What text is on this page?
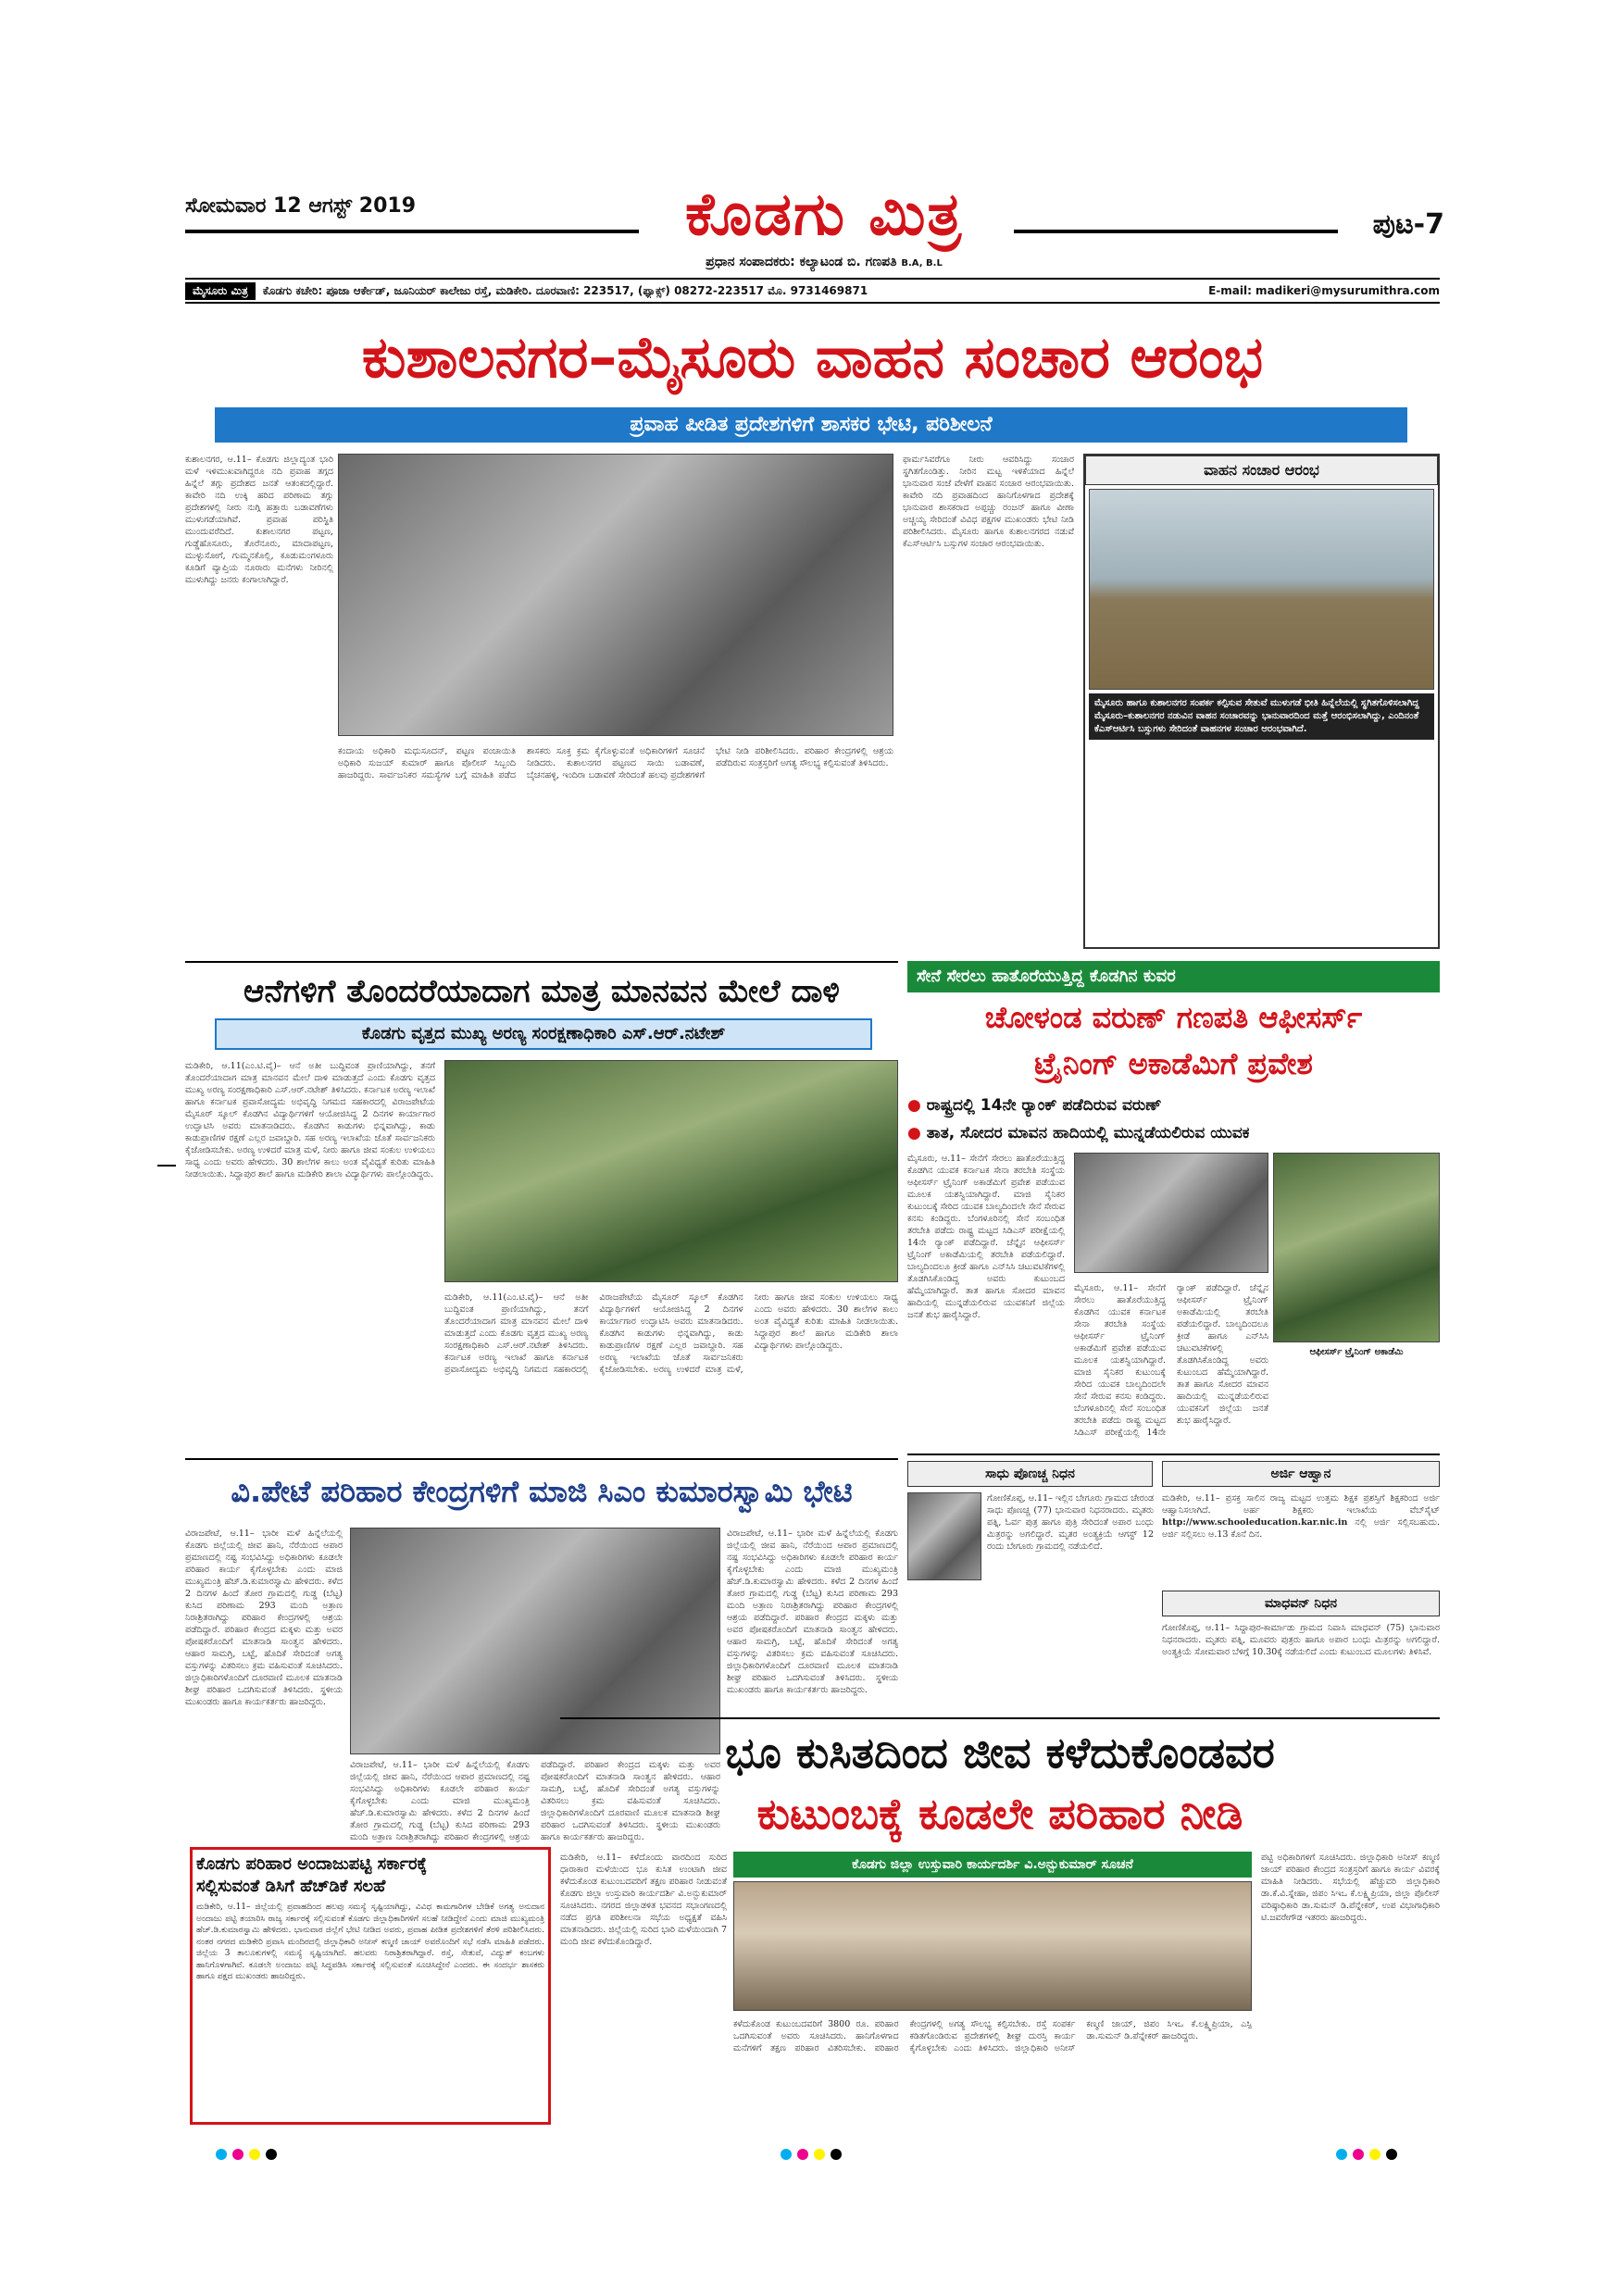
ಸೋಮವಾರ 12 ಆಗಸ್ಟ್ 2019	ಕೊಡಗು ಮಿತ್ರ
ಪ್ರಧಾನ ಸಂಪಾದಕರು: ಕಲ್ಯಾಟಂಡ ಬಿ. ಗಣಪತಿ B.A, B.L
ಪುಟ-7
ಮೈಸೂರು ಮಿತ್ರ	ಕೊಡಗು ಕಚೇರಿ: ಪೂಜಾ ಆರ್ಕೇಡ್, ಜೂನಿಯರ್ ಕಾಲೇಜು ರಸ್ತೆ, ಮಡಿಕೇರಿ. ದೂರವಾಣಿ: 223517, (ಫ್ಯಾಕ್ಸ್) 08272-223517 ಮೊ. 9731469871	E-mail: madikeri@mysurumithra.com
ಕುಶಾಲನಗರ–ಮೈಸೂರು ವಾಹನ ಸಂಚಾರ ಆರಂಭ
ಪ್ರವಾಹ ಪೀಡಿತ ಪ್ರದೇಶಗಳಿಗೆ ಶಾಸಕರ ಭೇಟಿ, ಪರಿಶೀಲನೆ
ಕುಶಾಲನಗರ, ಆ.11– ಕೊಡಗು ಜಿಲ್ಲಾದ್ಯಂತ ಭಾರಿ ಮಳೆ ಇಳಿಮುಖವಾಗಿದ್ದರೂ ನದಿ ಪ್ರವಾಹ ತಗ್ಗದ ಹಿನ್ನೆಲೆ ತಗ್ಗು ಪ್ರದೇಶದ ಜನತೆ ಆತಂಕದಲ್ಲಿದ್ದಾರೆ. ಕಾವೇರಿ ನದಿ ಉಕ್ಕಿ ಹರಿದ ಪರಿಣಾಮ ತಗ್ಗು ಪ್ರದೇಶಗಳಲ್ಲಿ ನೀರು ನುಗ್ಗಿ ಹತ್ತಾರು ಬಡಾವಣೆಗಳು ಮುಳುಗಡೆಯಾಗಿವೆ. ಪ್ರವಾಹ ಪರಿಸ್ಥಿತಿ ಮುಂದುವರೆದಿದೆ. ಕುಶಾಲನಗರ ಪಟ್ಟಣ, ಗುಡ್ಡೆಹೊಸೂರು, ತೊರೆನೂರು, ಮಾದಾಪಟ್ಟಣ, ಮುಳ್ಳುಸೋಗೆ, ಗುಮ್ಮನಕೊಲ್ಲಿ, ಕೂಡುಮಂಗಳೂರು ಕೂಡಿಗೆ ವ್ಯಾಪ್ತಿಯ ನೂರಾರು ಮನೆಗಳು ನೀರಿನಲ್ಲಿ ಮುಳುಗಿದ್ದು ಜನರು ಕಂಗಾಲಾಗಿದ್ದಾರೆ.
ಕಂದಾಯ ಅಧಿಕಾರಿ ಮಧುಸೂದನ್, ಪಟ್ಟಣ ಪಂಚಾಯಿತಿ ಅಧಿಕಾರಿ ಸುಜಯ್ ಕುಮಾರ್ ಹಾಗೂ ಪೊಲೀಸ್ ಸಿಬ್ಬಂದಿ ಹಾಜರಿದ್ದರು. ಸಾರ್ವಜನಿಕರ ಸಮಸ್ಯೆಗಳ ಬಗ್ಗೆ ಮಾಹಿತಿ ಪಡೆದ ಶಾಸಕರು ಸೂಕ್ತ ಕ್ರಮ ಕೈಗೊಳ್ಳುವಂತೆ ಅಧಿಕಾರಿಗಳಿಗೆ ಸೂಚನೆ ನೀಡಿದರು. ಕುಶಾಲನಗರ ಪಟ್ಟಣದ ಸಾಯಿ ಬಡಾವಣೆ, ಬೈಚನಹಳ್ಳಿ, ಇಂದಿರಾ ಬಡಾವಣೆ ಸೇರಿದಂತೆ ಹಲವು ಪ್ರದೇಶಗಳಿಗೆ ಭೇಟಿ ನೀಡಿ ಪರಿಶೀಲಿಸಿದರು. ಪರಿಹಾರ ಕೇಂದ್ರಗಳಲ್ಲಿ ಆಶ್ರಯ ಪಡೆದಿರುವ ಸಂತ್ರಸ್ತರಿಗೆ ಅಗತ್ಯ ಸೌಲಭ್ಯ ಕಲ್ಪಿಸುವಂತೆ ತಿಳಿಸಿದರು.
ಫಾರ್ಮಸಿವರೆಗೂ ನೀರು ಆವರಿಸಿದ್ದು ಸಂಚಾರ ಸ್ಥಗಿತಗೊಂಡಿತ್ತು. ನೀರಿನ ಮಟ್ಟ ಇಳಿಕೆಯಾದ ಹಿನ್ನೆಲೆ ಭಾನುವಾರ ಸಂಜೆ ವೇಳೆಗೆ ವಾಹನ ಸಂಚಾರ ಆರಂಭವಾಯಿತು. ಕಾವೇರಿ ನದಿ ಪ್ರವಾಹದಿಂದ ಹಾನಿಗೊಳಗಾದ ಪ್ರದೇಶಕ್ಕೆ ಭಾನುವಾರ ಶಾಸಕರಾದ ಅಪ್ಪಚ್ಚು ರಂಜನ್ ಹಾಗೂ ವೀಣಾ ಅಚ್ಚಯ್ಯ ಸೇರಿದಂತೆ ವಿವಿಧ ಪಕ್ಷಗಳ ಮುಖಂಡರು ಭೇಟಿ ನೀಡಿ ಪರಿಶೀಲಿಸಿದರು. ಮೈಸೂರು ಹಾಗೂ ಕುಶಾಲನಗರದ ನಡುವೆ ಕೆಎಸ್ಆರ್ಟಿಸಿ ಬಸ್ಸುಗಳ ಸಂಚಾರ ಆರಂಭವಾಯಿತು.
ವಾಹನ ಸಂಚಾರ ಆರಂಭ
ಮೈಸೂರು ಹಾಗೂ ಕುಶಾಲನಗರ ಸಂಪರ್ಕ ಕಲ್ಪಿಸುವ ಸೇತುವೆ ಮುಳುಗಡೆ ಭೀತಿ ಹಿನ್ನೆಲೆಯಲ್ಲಿ ಸ್ಥಗಿತಗೊಳಿಸಲಾಗಿದ್ದ ಮೈಸೂರು–ಕುಶಾಲನಗರ ನಡುವಿನ ವಾಹನ ಸಂಚಾರವನ್ನು ಭಾನುವಾರದಿಂದ ಮತ್ತೆ ಆರಂಭಿಸಲಾಗಿದ್ದು, ಎಂದಿನಂತೆ ಕೆಎಸ್ಆರ್ಟಿಸಿ ಬಸ್ಸುಗಳು ಸೇರಿದಂತೆ ವಾಹನಗಳ ಸಂಚಾರ ಆರಂಭವಾಗಿದೆ.
ಆನೆಗಳಿಗೆ ತೊಂದರೆಯಾದಾಗ ಮಾತ್ರ ಮಾನವನ ಮೇಲೆ ದಾಳಿ
ಕೊಡಗು ವೃತ್ತದ ಮುಖ್ಯ ಅರಣ್ಯ ಸಂರಕ್ಷಣಾಧಿಕಾರಿ ಎಸ್.ಆರ್.ನಟೇಶ್
ಮಡಿಕೇರಿ, ಆ.11(ಎಂ.ಟಿ.ವೈ)– ಆನೆ ಅತೀ ಬುದ್ಧಿವಂತ ಪ್ರಾಣಿಯಾಗಿದ್ದು, ತನಗೆ ತೊಂದರೆಯಾದಾಗ ಮಾತ್ರ ಮಾನವನ ಮೇಲೆ ದಾಳಿ ಮಾಡುತ್ತದೆ ಎಂದು ಕೊಡಗು ವೃತ್ತದ ಮುಖ್ಯ ಅರಣ್ಯ ಸಂರಕ್ಷಣಾಧಿಕಾರಿ ಎಸ್.ಆರ್.ನಟೇಶ್ ತಿಳಿಸಿದರು. ಕರ್ನಾಟಕ ಅರಣ್ಯ ಇಲಾಖೆ ಹಾಗೂ ಕರ್ನಾಟಕ ಪ್ರವಾಸೋದ್ಯಮ ಅಭಿವೃದ್ಧಿ ನಿಗಮದ ಸಹಕಾರದಲ್ಲಿ ವಿರಾಜಪೇಟೆಯ ಮೈಸೂರ್ ಸ್ಕೂಲ್ ಕೊಡಗಿನ ವಿದ್ಯಾರ್ಥಿಗಳಿಗೆ ಆಯೋಜಿಸಿದ್ದ 2 ದಿನಗಳ ಕಾರ್ಯಾಗಾರ ಉದ್ಘಾಟಿಸಿ ಅವರು ಮಾತನಾಡಿದರು. ಕೊಡಗಿನ ಕಾಡುಗಳು ಭಿನ್ನವಾಗಿದ್ದು, ಕಾಡು ಕಾಡುಪ್ರಾಣಿಗಳ ರಕ್ಷಣೆ ಎಲ್ಲರ ಜವಾಬ್ದಾರಿ. ಸಹ ಅರಣ್ಯ ಇಲಾಖೆಯ ಜೊತೆ ಸಾರ್ವಜನಿಕರು ಕೈಜೋಡಿಸಬೇಕು. ಅರಣ್ಯ ಉಳಿದರೆ ಮಾತ್ರ ಮಳೆ, ನೀರು ಹಾಗೂ ಜೀವ ಸಂಕುಲ ಉಳಿಯಲು ಸಾಧ್ಯ ಎಂದು ಅವರು ಹೇಳಿದರು. 30 ಶಾಲೆಗಳ ಕಾಲು ಅಂತ ವೈವಿಧ್ಯತೆ ಕುರಿತು ಮಾಹಿತಿ ನೀಡಲಾಯಿತು. ಸಿದ್ದಾಪುರ ಶಾಲೆ ಹಾಗೂ ಮಡಿಕೇರಿ ಶಾಲಾ ವಿದ್ಯಾರ್ಥಿಗಳು ಪಾಲ್ಗೊಂಡಿದ್ದರು.
ಮಡಿಕೇರಿ, ಆ.11(ಎಂ.ಟಿ.ವೈ)– ಆನೆ ಅತೀ ಬುದ್ಧಿವಂತ ಪ್ರಾಣಿಯಾಗಿದ್ದು, ತನಗೆ ತೊಂದರೆಯಾದಾಗ ಮಾತ್ರ ಮಾನವನ ಮೇಲೆ ದಾಳಿ ಮಾಡುತ್ತದೆ ಎಂದು ಕೊಡಗು ವೃತ್ತದ ಮುಖ್ಯ ಅರಣ್ಯ ಸಂರಕ್ಷಣಾಧಿಕಾರಿ ಎಸ್.ಆರ್.ನಟೇಶ್ ತಿಳಿಸಿದರು. ಕರ್ನಾಟಕ ಅರಣ್ಯ ಇಲಾಖೆ ಹಾಗೂ ಕರ್ನಾಟಕ ಪ್ರವಾಸೋದ್ಯಮ ಅಭಿವೃದ್ಧಿ ನಿಗಮದ ಸಹಕಾರದಲ್ಲಿ ವಿರಾಜಪೇಟೆಯ ಮೈಸೂರ್ ಸ್ಕೂಲ್ ಕೊಡಗಿನ ವಿದ್ಯಾರ್ಥಿಗಳಿಗೆ ಆಯೋಜಿಸಿದ್ದ 2 ದಿನಗಳ ಕಾರ್ಯಾಗಾರ ಉದ್ಘಾಟಿಸಿ ಅವರು ಮಾತನಾಡಿದರು. ಕೊಡಗಿನ ಕಾಡುಗಳು ಭಿನ್ನವಾಗಿದ್ದು, ಕಾಡು ಕಾಡುಪ್ರಾಣಿಗಳ ರಕ್ಷಣೆ ಎಲ್ಲರ ಜವಾಬ್ದಾರಿ. ಸಹ ಅರಣ್ಯ ಇಲಾಖೆಯ ಜೊತೆ ಸಾರ್ವಜನಿಕರು ಕೈಜೋಡಿಸಬೇಕು. ಅರಣ್ಯ ಉಳಿದರೆ ಮಾತ್ರ ಮಳೆ, ನೀರು ಹಾಗೂ ಜೀವ ಸಂಕುಲ ಉಳಿಯಲು ಸಾಧ್ಯ ಎಂದು ಅವರು ಹೇಳಿದರು. 30 ಶಾಲೆಗಳ ಕಾಲು ಅಂತ ವೈವಿಧ್ಯತೆ ಕುರಿತು ಮಾಹಿತಿ ನೀಡಲಾಯಿತು. ಸಿದ್ದಾಪುರ ಶಾಲೆ ಹಾಗೂ ಮಡಿಕೇರಿ ಶಾಲಾ ವಿದ್ಯಾರ್ಥಿಗಳು ಪಾಲ್ಗೊಂಡಿದ್ದರು.
ಸೇನೆ ಸೇರಲು ಹಾತೊರೆಯುತ್ತಿದ್ದ ಕೊಡಗಿನ ಕುವರ
ಚೋಳಂಡ ವರುಣ್ ಗಣಪತಿ ಆಫೀಸರ್ಸ್
ಟ್ರೈನಿಂಗ್ ಅಕಾಡೆಮಿಗೆ ಪ್ರವೇಶ
● ರಾಷ್ಟ್ರದಲ್ಲಿ 14ನೇ ರ್‍ಯಾಂಕ್ ಪಡೆದಿರುವ ವರುಣ್
● ತಾತ, ಸೋದರ ಮಾವನ ಹಾದಿಯಲ್ಲಿ ಮುನ್ನಡೆಯಲಿರುವ ಯುವಕ
ಮೈಸೂರು, ಆ.11– ಸೇನೆಗೆ ಸೇರಲು ಹಾತೊರೆಯುತ್ತಿದ್ದ ಕೊಡಗಿನ ಯುವಕ ಕರ್ನಾಟಕ ಸೇನಾ ತರಬೇತಿ ಸಂಸ್ಥೆಯ ಆಫೀಸರ್ಸ್ ಟ್ರೈನಿಂಗ್ ಅಕಾಡೆಮಿಗೆ ಪ್ರವೇಶ ಪಡೆಯುವ ಮೂಲಕ ಯಶಸ್ವಿಯಾಗಿದ್ದಾರೆ. ಮಾಜಿ ಸೈನಿಕರ ಕುಟುಂಬಕ್ಕೆ ಸೇರಿದ ಯುವಕ ಬಾಲ್ಯದಿಂದಲೇ ಸೇನೆ ಸೇರುವ ಕನಸು ಕಂಡಿದ್ದರು. ಬೆಂಗಳೂರಿನಲ್ಲಿ ಸೇನೆ ಸಂಬಂಧಿತ ತರಬೇತಿ ಪಡೆದು ರಾಷ್ಟ್ರ ಮಟ್ಟದ ಸಿಡಿಎಸ್ ಪರೀಕ್ಷೆಯಲ್ಲಿ 14ನೇ ರ್‍ಯಾಂಕ್ ಪಡೆದಿದ್ದಾರೆ. ಚೆನ್ನೈನ ಆಫೀಸರ್ಸ್ ಟ್ರೈನಿಂಗ್ ಅಕಾಡೆಮಿಯಲ್ಲಿ ತರಬೇತಿ ಪಡೆಯಲಿದ್ದಾರೆ. ಬಾಲ್ಯದಿಂದಲೂ ಕ್ರೀಡೆ ಹಾಗೂ ಎನ್‌ಸಿಸಿ ಚಟುವಟಿಕೆಗಳಲ್ಲಿ ತೊಡಗಿಸಿಕೊಂಡಿದ್ದ ಅವರು ಕುಟುಂಬದ ಹೆಮ್ಮೆಯಾಗಿದ್ದಾರೆ. ತಾತ ಹಾಗೂ ಸೋದರ ಮಾವನ ಹಾದಿಯಲ್ಲಿ ಮುನ್ನಡೆಯಲಿರುವ ಯುವಕನಿಗೆ ಜಿಲ್ಲೆಯ ಜನತೆ ಶುಭ ಹಾರೈಸಿದ್ದಾರೆ.
ಮೈಸೂರು, ಆ.11– ಸೇನೆಗೆ ಸೇರಲು ಹಾತೊರೆಯುತ್ತಿದ್ದ ಕೊಡಗಿನ ಯುವಕ ಕರ್ನಾಟಕ ಸೇನಾ ತರಬೇತಿ ಸಂಸ್ಥೆಯ ಆಫೀಸರ್ಸ್ ಟ್ರೈನಿಂಗ್ ಅಕಾಡೆಮಿಗೆ ಪ್ರವೇಶ ಪಡೆಯುವ ಮೂಲಕ ಯಶಸ್ವಿಯಾಗಿದ್ದಾರೆ. ಮಾಜಿ ಸೈನಿಕರ ಕುಟುಂಬಕ್ಕೆ ಸೇರಿದ ಯುವಕ ಬಾಲ್ಯದಿಂದಲೇ ಸೇನೆ ಸೇರುವ ಕನಸು ಕಂಡಿದ್ದರು. ಬೆಂಗಳೂರಿನಲ್ಲಿ ಸೇನೆ ಸಂಬಂಧಿತ ತರಬೇತಿ ಪಡೆದು ರಾಷ್ಟ್ರ ಮಟ್ಟದ ಸಿಡಿಎಸ್ ಪರೀಕ್ಷೆಯಲ್ಲಿ 14ನೇ ರ್‍ಯಾಂಕ್ ಪಡೆದಿದ್ದಾರೆ. ಚೆನ್ನೈನ ಆಫೀಸರ್ಸ್ ಟ್ರೈನಿಂಗ್ ಅಕಾಡೆಮಿಯಲ್ಲಿ ತರಬೇತಿ ಪಡೆಯಲಿದ್ದಾರೆ. ಬಾಲ್ಯದಿಂದಲೂ ಕ್ರೀಡೆ ಹಾಗೂ ಎನ್‌ಸಿಸಿ ಚಟುವಟಿಕೆಗಳಲ್ಲಿ ತೊಡಗಿಸಿಕೊಂಡಿದ್ದ ಅವರು ಕುಟುಂಬದ ಹೆಮ್ಮೆಯಾಗಿದ್ದಾರೆ. ತಾತ ಹಾಗೂ ಸೋದರ ಮಾವನ ಹಾದಿಯಲ್ಲಿ ಮುನ್ನಡೆಯಲಿರುವ ಯುವಕನಿಗೆ ಜಿಲ್ಲೆಯ ಜನತೆ ಶುಭ ಹಾರೈಸಿದ್ದಾರೆ.
ಆಫೀಸರ್ಸ್ ಟ್ರೈನಿಂಗ್ ಅಕಾಡೆಮಿ
ವಿ.ಪೇಟೆ ಪರಿಹಾರ ಕೇಂದ್ರಗಳಿಗೆ ಮಾಜಿ ಸಿಎಂ ಕುಮಾರಸ್ವಾಮಿ ಭೇಟಿ
ವಿರಾಜಪೇಟೆ, ಆ.11– ಭಾರೀ ಮಳೆ ಹಿನ್ನೆಲೆಯಲ್ಲಿ ಕೊಡಗು ಜಿಲ್ಲೆಯಲ್ಲಿ ಜೀವ ಹಾನಿ, ನೆರೆಯಿಂದ ಆಪಾರ ಪ್ರಮಾಣದಲ್ಲಿ ನಷ್ಟ ಸಂಭವಿಸಿದ್ದು ಅಧಿಕಾರಿಗಳು ಕೂಡಲೇ ಪರಿಹಾರ ಕಾರ್ಯ ಕೈಗೊಳ್ಳಬೇಕು ಎಂದು ಮಾಜಿ ಮುಖ್ಯಮಂತ್ರಿ ಹೆಚ್.ಡಿ.ಕುಮಾರಸ್ವಾಮಿ ಹೇಳಿದರು. ಕಳೆದ 2 ದಿನಗಳ ಹಿಂದೆ ತೋರ ಗ್ರಾಮದಲ್ಲಿ ಗುಡ್ಡ (ಬೆಟ್ಟ) ಕುಸಿದ ಪರಿಣಾಮ 293 ಮಂದಿ ಅತ್ರಾಣ ನಿರಾಶ್ರಿತರಾಗಿದ್ದು ಪರಿಹಾರ ಕೇಂದ್ರಗಳಲ್ಲಿ ಆಶ್ರಯ ಪಡೆದಿದ್ದಾರೆ. ಪರಿಹಾರ ಕೇಂದ್ರದ ಮಕ್ಕಳು ಮತ್ತು ಅವರ ಪೋಷಕರೊಂದಿಗೆ ಮಾತನಾಡಿ ಸಾಂತ್ವನ ಹೇಳಿದರು. ಆಹಾರ ಸಾಮಗ್ರಿ, ಬಟ್ಟೆ, ಹೊದಿಕೆ ಸೇರಿದಂತೆ ಅಗತ್ಯ ವಸ್ತುಗಳನ್ನು ವಿತರಿಸಲು ಕ್ರಮ ವಹಿಸುವಂತೆ ಸೂಚಿಸಿದರು. ಜಿಲ್ಲಾಧಿಕಾರಿಗಳೊಂದಿಗೆ ದೂರವಾಣಿ ಮೂಲಕ ಮಾತನಾಡಿ ಶೀಘ್ರ ಪರಿಹಾರ ಒದಗಿಸುವಂತೆ ತಿಳಿಸಿದರು. ಸ್ಥಳೀಯ ಮುಖಂಡರು ಹಾಗೂ ಕಾರ್ಯಕರ್ತರು ಹಾಜರಿದ್ದರು.
ವಿರಾಜಪೇಟೆ, ಆ.11– ಭಾರೀ ಮಳೆ ಹಿನ್ನೆಲೆಯಲ್ಲಿ ಕೊಡಗು ಜಿಲ್ಲೆಯಲ್ಲಿ ಜೀವ ಹಾನಿ, ನೆರೆಯಿಂದ ಆಪಾರ ಪ್ರಮಾಣದಲ್ಲಿ ನಷ್ಟ ಸಂಭವಿಸಿದ್ದು ಅಧಿಕಾರಿಗಳು ಕೂಡಲೇ ಪರಿಹಾರ ಕಾರ್ಯ ಕೈಗೊಳ್ಳಬೇಕು ಎಂದು ಮಾಜಿ ಮುಖ್ಯಮಂತ್ರಿ ಹೆಚ್.ಡಿ.ಕುಮಾರಸ್ವಾಮಿ ಹೇಳಿದರು. ಕಳೆದ 2 ದಿನಗಳ ಹಿಂದೆ ತೋರ ಗ್ರಾಮದಲ್ಲಿ ಗುಡ್ಡ (ಬೆಟ್ಟ) ಕುಸಿದ ಪರಿಣಾಮ 293 ಮಂದಿ ಅತ್ರಾಣ ನಿರಾಶ್ರಿತರಾಗಿದ್ದು ಪರಿಹಾರ ಕೇಂದ್ರಗಳಲ್ಲಿ ಆಶ್ರಯ ಪಡೆದಿದ್ದಾರೆ. ಪರಿಹಾರ ಕೇಂದ್ರದ ಮಕ್ಕಳು ಮತ್ತು ಅವರ ಪೋಷಕರೊಂದಿಗೆ ಮಾತನಾಡಿ ಸಾಂತ್ವನ ಹೇಳಿದರು. ಆಹಾರ ಸಾಮಗ್ರಿ, ಬಟ್ಟೆ, ಹೊದಿಕೆ ಸೇರಿದಂತೆ ಅಗತ್ಯ ವಸ್ತುಗಳನ್ನು ವಿತರಿಸಲು ಕ್ರಮ ವಹಿಸುವಂತೆ ಸೂಚಿಸಿದರು. ಜಿಲ್ಲಾಧಿಕಾರಿಗಳೊಂದಿಗೆ ದೂರವಾಣಿ ಮೂಲಕ ಮಾತನಾಡಿ ಶೀಘ್ರ ಪರಿಹಾರ ಒದಗಿಸುವಂತೆ ತಿಳಿಸಿದರು. ಸ್ಥಳೀಯ ಮುಖಂಡರು ಹಾಗೂ ಕಾರ್ಯಕರ್ತರು ಹಾಜರಿದ್ದರು.
ವಿರಾಜಪೇಟೆ, ಆ.11– ಭಾರೀ ಮಳೆ ಹಿನ್ನೆಲೆಯಲ್ಲಿ ಕೊಡಗು ಜಿಲ್ಲೆಯಲ್ಲಿ ಜೀವ ಹಾನಿ, ನೆರೆಯಿಂದ ಆಪಾರ ಪ್ರಮಾಣದಲ್ಲಿ ನಷ್ಟ ಸಂಭವಿಸಿದ್ದು ಅಧಿಕಾರಿಗಳು ಕೂಡಲೇ ಪರಿಹಾರ ಕಾರ್ಯ ಕೈಗೊಳ್ಳಬೇಕು ಎಂದು ಮಾಜಿ ಮುಖ್ಯಮಂತ್ರಿ ಹೆಚ್.ಡಿ.ಕುಮಾರಸ್ವಾಮಿ ಹೇಳಿದರು. ಕಳೆದ 2 ದಿನಗಳ ಹಿಂದೆ ತೋರ ಗ್ರಾಮದಲ್ಲಿ ಗುಡ್ಡ (ಬೆಟ್ಟ) ಕುಸಿದ ಪರಿಣಾಮ 293 ಮಂದಿ ಅತ್ರಾಣ ನಿರಾಶ್ರಿತರಾಗಿದ್ದು ಪರಿಹಾರ ಕೇಂದ್ರಗಳಲ್ಲಿ ಆಶ್ರಯ ಪಡೆದಿದ್ದಾರೆ. ಪರಿಹಾರ ಕೇಂದ್ರದ ಮಕ್ಕಳು ಮತ್ತು ಅವರ ಪೋಷಕರೊಂದಿಗೆ ಮಾತನಾಡಿ ಸಾಂತ್ವನ ಹೇಳಿದರು. ಆಹಾರ ಸಾಮಗ್ರಿ, ಬಟ್ಟೆ, ಹೊದಿಕೆ ಸೇರಿದಂತೆ ಅಗತ್ಯ ವಸ್ತುಗಳನ್ನು ವಿತರಿಸಲು ಕ್ರಮ ವಹಿಸುವಂತೆ ಸೂಚಿಸಿದರು. ಜಿಲ್ಲಾಧಿಕಾರಿಗಳೊಂದಿಗೆ ದೂರವಾಣಿ ಮೂಲಕ ಮಾತನಾಡಿ ಶೀಘ್ರ ಪರಿಹಾರ ಒದಗಿಸುವಂತೆ ತಿಳಿಸಿದರು. ಸ್ಥಳೀಯ ಮುಖಂಡರು ಹಾಗೂ ಕಾರ್ಯಕರ್ತರು ಹಾಜರಿದ್ದರು.
ಕೊಡಗು ಪರಿಹಾರ ಅಂದಾಜುಪಟ್ಟಿ ಸರ್ಕಾರಕ್ಕೆ
ಸಲ್ಲಿಸುವಂತೆ ಡಿಸಿಗೆ ಹೆಚ್‌ಡಿಕೆ ಸಲಹೆ
ಮಡಿಕೇರಿ, ಆ.11– ಜಿಲ್ಲೆಯಲ್ಲಿ ಪ್ರವಾಹದಿಂದ ಹಲವು ಸಮಸ್ಯೆ ಸೃಷ್ಟಿಯಾಗಿದ್ದು, ವಿವಿಧ ಕಾಮಗಾರಿಗಳ ಬೇಡಿಕೆ ಅಗತ್ಯ ಅನುದಾನ ಅಂದಾಜು ಪಟ್ಟಿ ತಯಾರಿಸಿ ರಾಜ್ಯ ಸರ್ಕಾರಕ್ಕೆ ಸಲ್ಲಿಸುವಂತೆ ಕೊಡಗು ಜಿಲ್ಲಾಧಿಕಾರಿಗಳಿಗೆ ಸಲಹೆ ನೀಡಿದ್ದೇನೆ ಎಂದು ಮಾಜಿ ಮುಖ್ಯಮಂತ್ರಿ ಹೆಚ್.ಡಿ.ಕುಮಾರಸ್ವಾಮಿ ಹೇಳಿದರು. ಭಾನುವಾರ ಜಿಲ್ಲೆಗೆ ಭೇಟಿ ನೀಡಿದ ಅವರು, ಪ್ರವಾಹ ಪೀಡಿತ ಪ್ರದೇಶಗಳಿಗೆ ತೆರಳಿ ಪರಿಶೀಲಿಸಿದರು. ನಂತರ ನಗರದ ಮಡಿಕೇರಿ ಪ್ರವಾಸಿ ಮಂದಿರದಲ್ಲಿ ಜಿಲ್ಲಾಧಿಕಾರಿ ಅನೀಸ್ ಕಣ್ಮಣಿ ಜಾಯ್ ಅವರೊಂದಿಗೆ ಸಭೆ ನಡೆಸಿ ಮಾಹಿತಿ ಪಡೆದರು. ಜಿಲ್ಲೆಯ 3 ತಾಲೂಕುಗಳಲ್ಲಿ ಸಮಸ್ಯೆ ಸೃಷ್ಟಿಯಾಗಿದೆ. ಹಲವರು ನಿರಾಶ್ರಿತರಾಗಿದ್ದಾರೆ. ರಸ್ತೆ, ಸೇತುವೆ, ವಿದ್ಯುತ್ ಕಂಬಗಳು ಹಾನಿಗೊಳಗಾಗಿವೆ. ಕೂಡಲೇ ಅಂದಾಜು ಪಟ್ಟಿ ಸಿದ್ಧಪಡಿಸಿ ಸರ್ಕಾರಕ್ಕೆ ಸಲ್ಲಿಸುವಂತೆ ಸೂಚಿಸಿದ್ದೇನೆ ಎಂದರು. ಈ ಸಂದರ್ಭ ಶಾಸಕರು ಹಾಗೂ ಪಕ್ಷದ ಮುಖಂಡರು ಹಾಜರಿದ್ದರು.
ಸಾಧು ಪೊಣಚ್ಚ ನಿಧನ
ಗೋಣಿಕೊಪ್ಪ, ಆ.11– ಇಲ್ಲಿನ ಬೇಗೂರು ಗ್ರಾಮದ ಚೇರಂಡ ಸಾಧು ಪೊಣಚ್ಚ (77) ಭಾನುವಾರ ನಿಧನರಾದರು. ಮೃತರು ಪತ್ನಿ, ಓರ್ವ ಪುತ್ರ ಹಾಗೂ ಪುತ್ರಿ ಸೇರಿದಂತೆ ಅಪಾರ ಬಂಧು ಮಿತ್ರರನ್ನು ಅಗಲಿದ್ದಾರೆ. ಮೃತರ ಅಂತ್ಯಕ್ರಿಯೆ ಆಗಸ್ಟ್ 12 ರಂದು ಬೇಗೂರು ಗ್ರಾಮದಲ್ಲಿ ನಡೆಯಲಿದೆ.
ಅರ್ಜಿ ಆಹ್ವಾನ
ಮಡಿಕೇರಿ, ಆ.11– ಪ್ರಸಕ್ತ ಸಾಲಿನ ರಾಜ್ಯ ಮಟ್ಟದ ಉತ್ತಮ ಶಿಕ್ಷಕ ಪ್ರಶಸ್ತಿಗೆ ಶಿಕ್ಷಕರಿಂದ ಅರ್ಜಿ ಆಹ್ವಾನಿಸಲಾಗಿದೆ. ಅರ್ಹ ಶಿಕ್ಷಕರು ಇಲಾಖೆಯ ವೆಬ್‌ಸೈಟ್ http://www.schooleducation.kar.nic.in ನಲ್ಲಿ ಅರ್ಜಿ ಸಲ್ಲಿಸಬಹುದು. ಅರ್ಜಿ ಸಲ್ಲಿಸಲು ಆ.13 ಕೊನೆ ದಿನ.
ಮಾಧವನ್ ನಿಧನ
ಗೋಣಿಕೊಪ್ಪ, ಆ.11– ಸಿದ್ದಾಪುರ-ಕಾರ್ಮಾಡು ಗ್ರಾಮದ ನಿವಾಸಿ ಮಾಧವನ್ (75) ಭಾನುವಾರ ನಿಧನರಾದರು. ಮೃತರು ಪತ್ನಿ, ಮೂವರು ಪುತ್ರರು ಹಾಗೂ ಅಪಾರ ಬಂಧು ಮಿತ್ರರನ್ನು ಅಗಲಿದ್ದಾರೆ. ಅಂತ್ಯಕ್ರಿಯೆ ಸೋಮವಾರ ಬೆಳಿಗ್ಗೆ 10.30ಕ್ಕೆ ನಡೆಯಲಿದೆ ಎಂದು ಕುಟುಂಬದ ಮೂಲಗಳು ತಿಳಿಸಿವೆ.
ಭೂ ಕುಸಿತದಿಂದ ಜೀವ ಕಳೆದುಕೊಂಡವರ
ಕುಟುಂಬಕ್ಕೆ ಕೂಡಲೇ ಪರಿಹಾರ ನೀಡಿ
ಮಡಿಕೇರಿ, ಆ.11– ಕಳೆದೊಂದು ವಾರದಿಂದ ಸುರಿದ ಧಾರಾಕಾರ ಮಳೆಯಿಂದ ಭೂ ಕುಸಿತ ಉಂಟಾಗಿ ಜೀವ ಕಳೆದುಕೊಂಡ ಕುಟುಂಬದವರಿಗೆ ತಕ್ಷಣ ಪರಿಹಾರ ನೀಡುವಂತೆ ಕೊಡಗು ಜಿಲ್ಲಾ ಉಸ್ತುವಾರಿ ಕಾರ್ಯದರ್ಶಿ ವಿ.ಅನ್ಬುಕುಮಾರ್ ಸೂಚಿಸಿದರು. ನಗರದ ಜಿಲ್ಲಾಡಳಿತ ಭವನದ ಸಭಾಂಗಣದಲ್ಲಿ ನಡೆದ ಪ್ರಗತಿ ಪರಿಶೀಲನಾ ಸಭೆಯ ಅಧ್ಯಕ್ಷತೆ ವಹಿಸಿ ಮಾತನಾಡಿದರು. ಜಿಲ್ಲೆಯಲ್ಲಿ ಸುರಿದ ಭಾರಿ ಮಳೆಯಿಂದಾಗಿ 7 ಮಂದಿ ಜೀವ ಕಳೆದುಕೊಂಡಿದ್ದಾರೆ.
ಕೊಡಗು ಜಿಲ್ಲಾ ಉಸ್ತುವಾರಿ ಕಾರ್ಯದರ್ಶಿ ವಿ.ಅನ್ಬುಕುಮಾರ್ ಸೂಚನೆ
ಕಳೆದುಕೊಂಡ ಕುಟುಂಬದವರಿಗೆ 3800 ರೂ. ಪರಿಹಾರ ಒದಗಿಸುವಂತೆ ಅವರು ಸೂಚಿಸಿದರು. ಹಾನಿಗೊಳಗಾದ ಮನೆಗಳಿಗೆ ತಕ್ಷಣ ಪರಿಹಾರ ವಿತರಿಸಬೇಕು. ಪರಿಹಾರ ಕೇಂದ್ರಗಳಲ್ಲಿ ಅಗತ್ಯ ಸೌಲಭ್ಯ ಕಲ್ಪಿಸಬೇಕು. ರಸ್ತೆ ಸಂಪರ್ಕ ಕಡಿತಗೊಂಡಿರುವ ಪ್ರದೇಶಗಳಲ್ಲಿ ಶೀಘ್ರ ದುರಸ್ತಿ ಕಾರ್ಯ ಕೈಗೊಳ್ಳಬೇಕು ಎಂದು ತಿಳಿಸಿದರು. ಜಿಲ್ಲಾಧಿಕಾರಿ ಅನೀಸ್ ಕಣ್ಮಣಿ ಜಾಯ್, ಜಿಪಂ ಸಿಇಒ ಕೆ.ಲಕ್ಷ್ಮಿಪ್ರಿಯಾ, ಎಸ್ಪಿ ಡಾ.ಸುಮನ್ ಡಿ.ಪೆನ್ನೇಕರ್ ಹಾಜರಿದ್ದರು.
ಪಟ್ಟಿ ಅಧಿಕಾರಿಗಳಿಗೆ ಸೂಚಿಸಿದರು. ಜಿಲ್ಲಾಧಿಕಾರಿ ಅನೀಸ್ ಕಣ್ಮಣಿ ಜಾಯ್ ಪರಿಹಾರ ಕೇಂದ್ರದ ಸಂತ್ರಸ್ತರಿಗೆ ಹಾಗೂ ಕಾರ್ಯ ವಿವರಕ್ಕೆ ಮಾಹಿತಿ ನೀಡಿದರು. ಸಭೆಯಲ್ಲಿ ಹೆಚ್ಚುವರಿ ಜಿಲ್ಲಾಧಿಕಾರಿ ಡಾ.ಕೆ.ವಿ.ಸ್ನೇಹಾ, ಜಿಪಂ ಸಿಇಒ ಕೆ.ಲಕ್ಷ್ಮಿಪ್ರಿಯಾ, ಜಿಲ್ಲಾ ಪೊಲೀಸ್ ವರಿಷ್ಠಾಧಿಕಾರಿ ಡಾ.ಸುಮನ್ ಡಿ.ಪೆನ್ನೇಕರ್, ಉಪ ವಿಭಾಗಾಧಿಕಾರಿ ಟಿ.ಜವರೇಗೌಡ ಇತರರು ಹಾಜರಿದ್ದರು.
